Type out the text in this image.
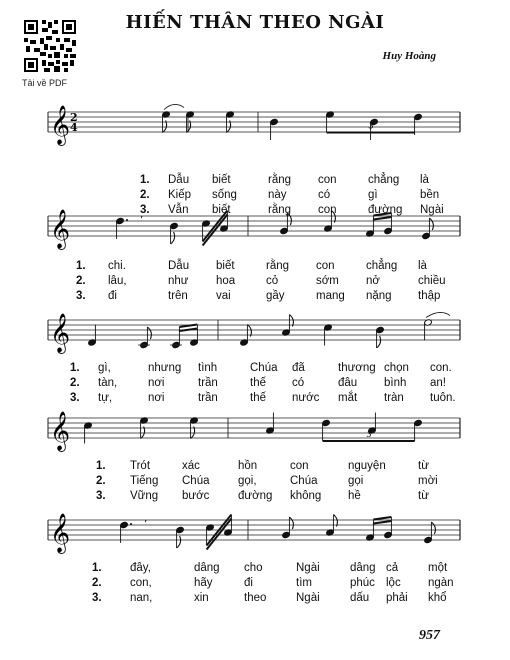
Tải về PDF
HIẾN THÂN THEO NGÀI
Huy Hoàng
𝄞 2
4	3
𝄞	’
𝄞
𝄞	3
𝄞	’
1. Dẫu biết	rằng con	chẳng là
2. Kiếp sống	này	có	gì	bền
3. Vẫn biết	rằng con	đường Ngài
1. chi.	Dẫu biết	rằng con	chẳng là
2. lâu,	như hoa	cỏ	sớm nở	chiều
3. đi	trên vai	gầy	mang nặng thập
1. gì,	nhưng tình	Chúa đã	thương chọn con.
2. tàn,	nơi	trần	thế có	đâu bình an!
3. tự,	nơi	trần	thế nước mắt tràn tuôn.
1. Trót	xác	hồn	con	nguyện	từ
2. Tiếng Chúa gọi,	Chúa	gọi	mời
3. Vững bước đường không hề	từ
1. đây,	dâng cho	Ngài	dâng cả	một
2. con,	hãy	đi	tìm	phúc lộc ngàn
3. nan,	xin	theo	Ngài	dấu phải khổ
957
